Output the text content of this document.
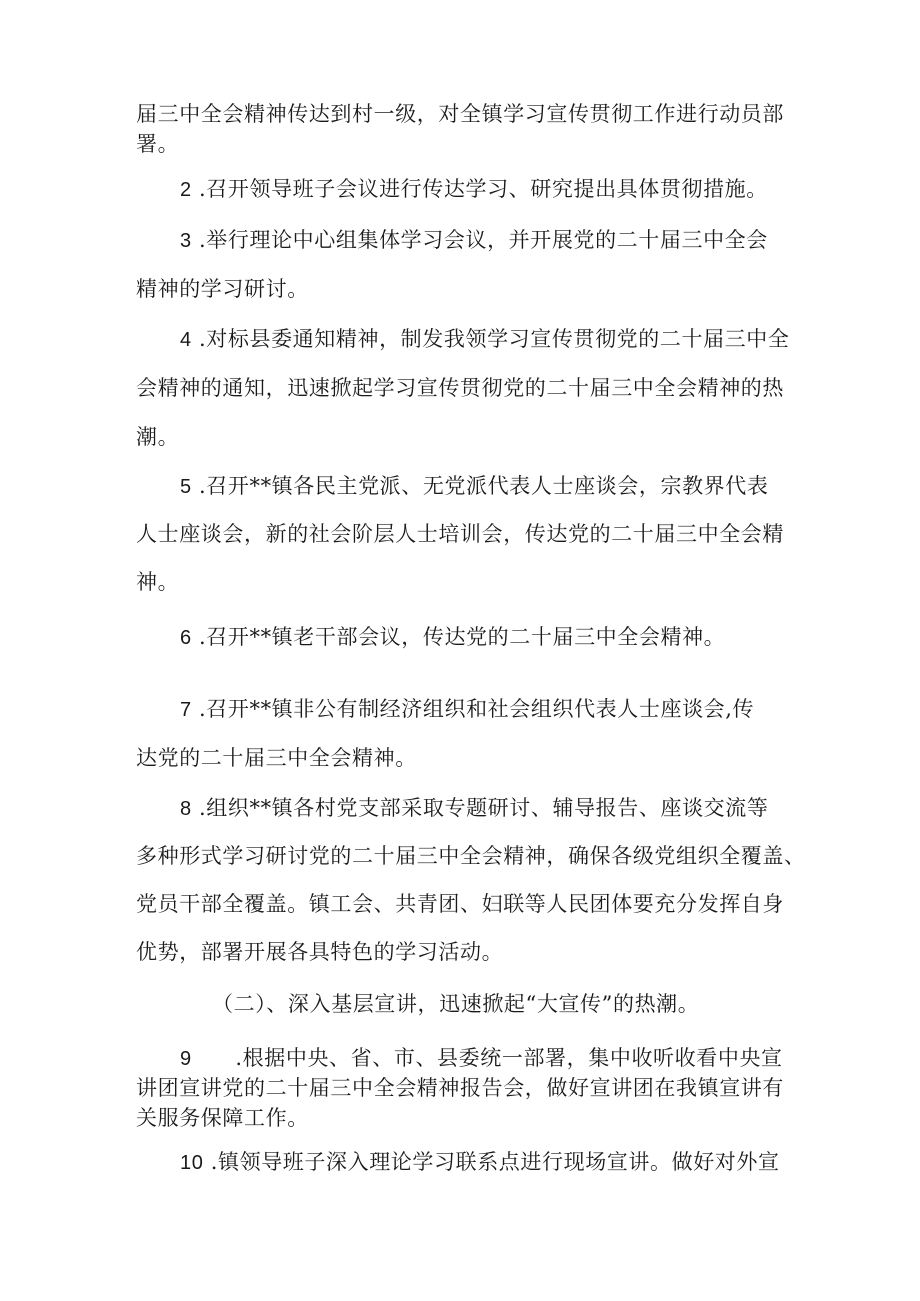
届三中全会精神传达到村一级，对全镇学习宣传贯彻工作进行动员部
署。
2 .召开领导班子会议进行传达学习、研究提出具体贯彻措施。
3 .举行理论中心组集体学习会议，并开展党的二十届三中全会
精神的学习研讨。
4 .对标县委通知精神，制发我领学习宣传贯彻党的二十届三中全
会精神的通知，迅速掀起学习宣传贯彻党的二十届三中全会精神的热
潮。
5 .召开**镇各民主党派、无党派代表人士座谈会，宗教界代表
人士座谈会，新的社会阶层人士培训会，传达党的二十届三中全会精
神。
6 .召开**镇老干部会议，传达党的二十届三中全会精神。
7 .召开**镇非公有制经济组织和社会组织代表人士座谈会,传
达党的二十届三中全会精神。
8 .组织**镇各村党支部采取专题研讨、辅导报告、座谈交流等
多种形式学习研讨党的二十届三中全会精神，确保各级党组织全覆盖、
党员干部全覆盖。镇工会、共青团、妇联等人民团体要充分发挥自身
优势，部署开展各具特色的学习活动。
（二）、深入基层宣讲，迅速掀起“大宣传”的热潮。
9      .根据中央、省、市、县委统一部署，集中收听收看中央宣
讲团宣讲党的二十届三中全会精神报告会，做好宣讲团在我镇宣讲有
关服务保障工作。
10 .镇领导班子深入理论学习联系点进行现场宣讲。做好对外宣
